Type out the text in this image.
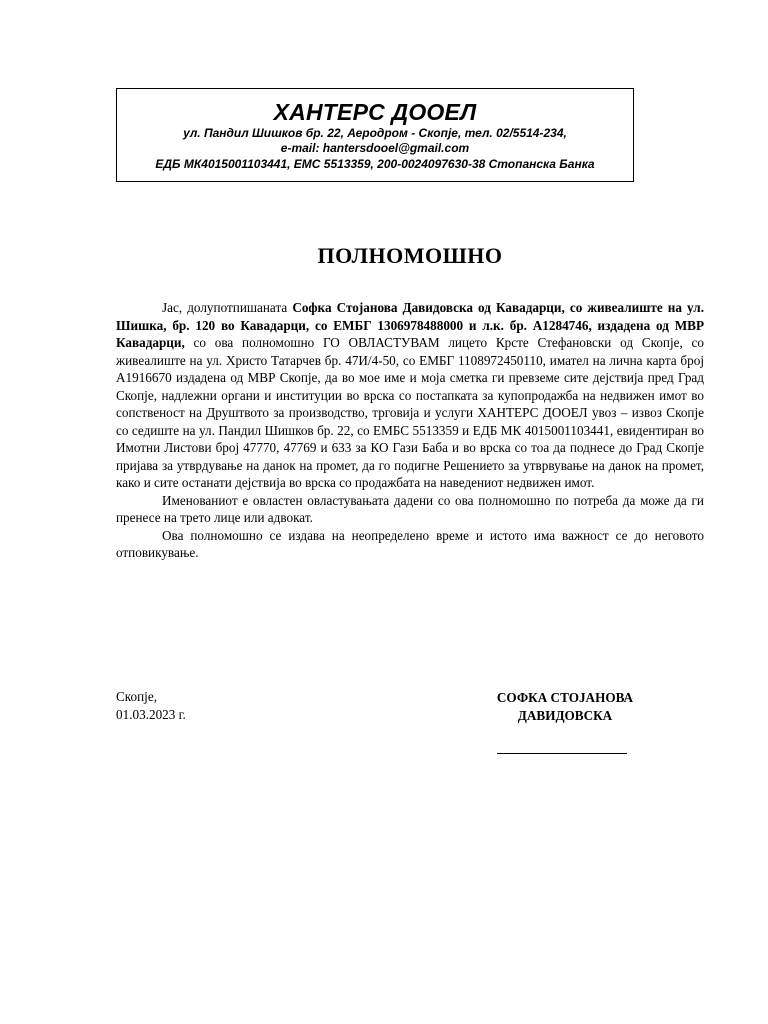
ХАНТЕРС ДООЕЛ
ул. Пандил Шишков бр. 22, Аеродром - Скопје, тел. 02/5514-234,
e-mail: hantersdooel@gmail.com
ЕДБ МК4015001103441, ЕМС 5513359, 200-0024097630-38 Стопанска Банка
ПОЛНОМОШНО

Јас, долупотпишаната Софка Стојанова Давидовска од Кавадарци, со живеалиште на ул. Шишка, бр. 120 во Кавадарци, со ЕМБГ 1306978488000 и л.к. бр. А1284746, издадена од МВР Кавадарци, со ова полномошно ГО ОВЛАСТУВАМ лицето Крсте Стефановски од Скопје, со живеалиште на ул. Христо Татарчев бр. 47И/4-50, со ЕМБГ 1108972450110, иматeл на лична карта број А1916670 издадена од МВР Скопје, да во мое име и моја сметка ги превземе сите дејствија пред Град Скопје, надлежни органи и институции во врска со постапката за купопродажба на недвижен имот во сопственост на Друштвото за производство, трговија и услуги ХАНТЕРС ДООЕЛ увоз – извоз Скопје со седиштe на ул. Пандил Шишков бр. 22, со ЕМБС 5513359 и ЕДБ МК 4015001103441, евидентиран во Имотни Листови број 47770, 47769 и 633 за КО Гази Баба и во врска со тоа да поднесе до Град Скопје пријава за утврдување на данок на промет, да го подигне Решението за утврвување на данок на промет, како и сите останати дејствија во врска со продажбата на наведениот недвижен имот.

Именованиот е овластен овластувањата дадени со ова полномошно по потреба да може да ги пренесе на трето лице или адвокат.

Ова полномошно се издава на неопределено време и истото има важност се до неговото отповикување.

Скопје,
01.03.2023 г.
СОФКА СТОЈАНОВА
ДАВИДОВСКА
